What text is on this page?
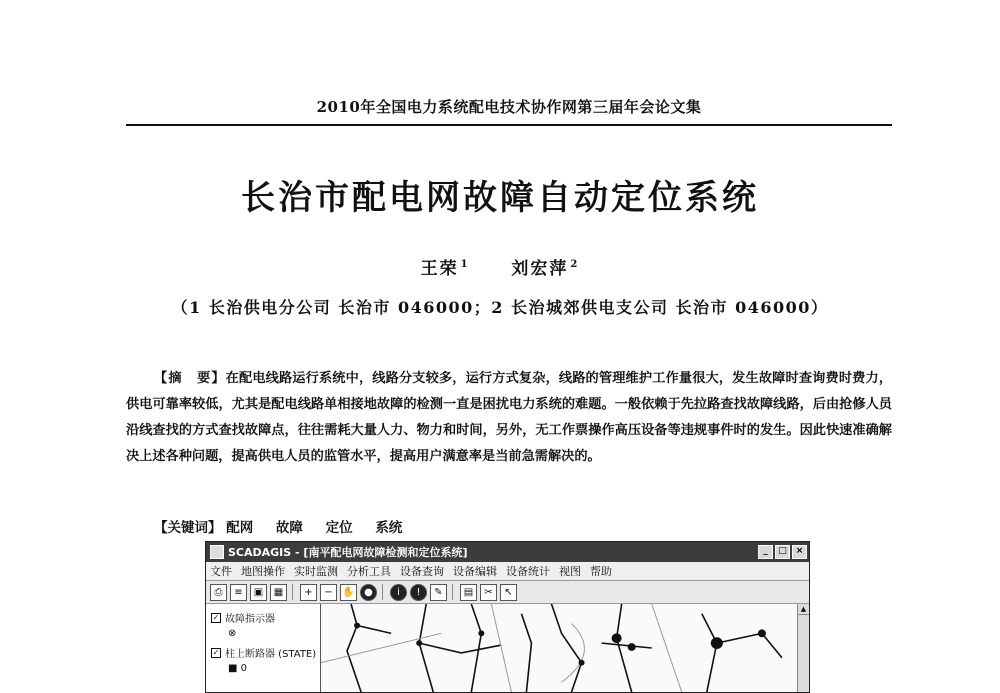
2010年全国电力系统配电技术协作网第三届年会论文集
长治市配电网故障自动定位系统
王荣 $^1$ 刘宏萍 $^2$
（1 长治供电分公司 长治市 046000；2 长治城郊供电支公司 长治市 046000）

【摘　要】在配电线路运行系统中，线路分支较多，运行方式复杂，线路的管理维护工作量很大，发生故障时查询费时费力，供电可靠率较低，尤其是配电线路单相接地故障的检测一直是困扰电力系统的难题。一般依赖于先拉路查找故障线路，后由抢修人员沿线查找的方式查找故障点，往往需耗大量人力、物力和时间，另外，无工作票操作高压设备等违规事件时的发生。因此快速准确解决上述各种问题，提高供电人员的监管水平，提高用户满意率是当前急需解决的。

【关键词】 配网 故障 定位 系统
SCADAGIS - [南平配电网故障检测和定位系统]	_	□ ×
文件 地图操作 实时监测 分析工具 设备查询 设备编辑 设备统计 视图 帮助
⎙	≡	▣	▦	+	− ✋ ●	i	!	✎	▤	✂	↖
✓ 故障指示器
⊗
✓ 柱上断路器 (STATE)
■ 0
▲
